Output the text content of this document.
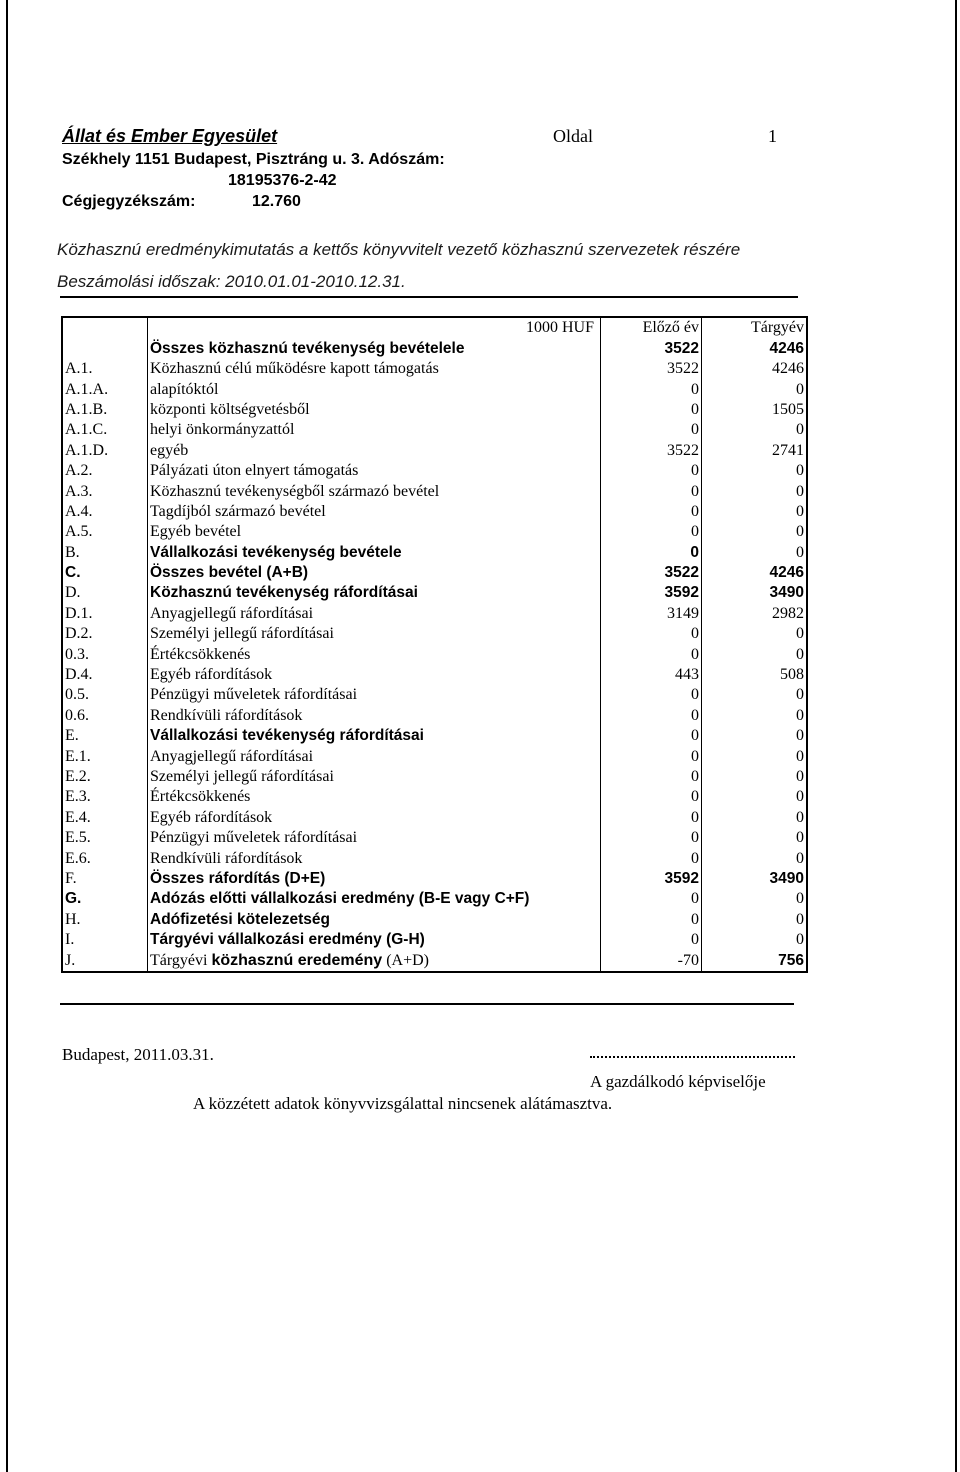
Állat és Ember Egyesület	Oldal	1
Székhely 1151 Budapest, Pisztráng u. 3. Adószám:
18195376-2-42
Cégjegyzékszám:	12.760
Közhasznú eredménykimutatás a kettős könyvvitelt vezető közhasznú szervezetek részére
Beszámolási időszak: 2010.01.01-2010.12.31.
	1000 HUF	Előző év	Tárgyév
	Összes közhasznú tevékenység bevételele	3522	4246
A.1.	Közhasznú célú működésre kapott támogatás	3522	4246
A.1.A.	alapítóktól	0	0
A.1.B.	központi költségvetésből	0	1505
A.1.C.	helyi önkormányzattól	0	0
A.1.D.	egyéb	3522	2741
A.2.	Pályázati úton elnyert támogatás	0	0
A.3.	Közhasznú tevékenységből származó bevétel	0	0
A.4.	Tagdíjból származó bevétel	0	0
A.5.	Egyéb bevétel	0	0
B.	Vállalkozási tevékenység bevétele	0	0
C.	Összes bevétel (A+B)	3522	4246
D.	Közhasznú tevékenység ráfordításai	3592	3490
D.1.	Anyagjellegű ráfordításai	3149	2982
D.2.	Személyi jellegű ráfordításai	0	0
0.3.	Értékcsökkenés	0	0
D.4.	Egyéb ráfordítások	443	508
0.5.	Pénzügyi műveletek ráfordításai	0	0
0.6.	Rendkívüli ráfordítások	0	0
E.	Vállalkozási tevékenység ráfordításai	0	0
E.1.	Anyagjellegű ráfordításai	0	0
E.2.	Személyi jellegű ráfordításai	0	0
E.3.	Értékcsökkenés	0	0
E.4.	Egyéb ráfordítások	0	0
E.5.	Pénzügyi műveletek ráfordításai	0	0
E.6.	Rendkívüli ráfordítások	0	0
F.	Összes ráfordítás (D+E)	3592	3490
G.	Adózás előtti vállalkozási eredmény (B-E vagy C+F)	0	0
H.	Adófizetési kötelezetség	0	0
I.	Tárgyévi vállalkozási eredmény (G-H)	0	0
J.	Tárgyévi közhasznú eredemény (A+D)	-70	756
Budapest, 2011.03.31.
A gazdálkodó képviselője
A közzétett adatok könyvvizsgálattal nincsenek alátámasztva.
